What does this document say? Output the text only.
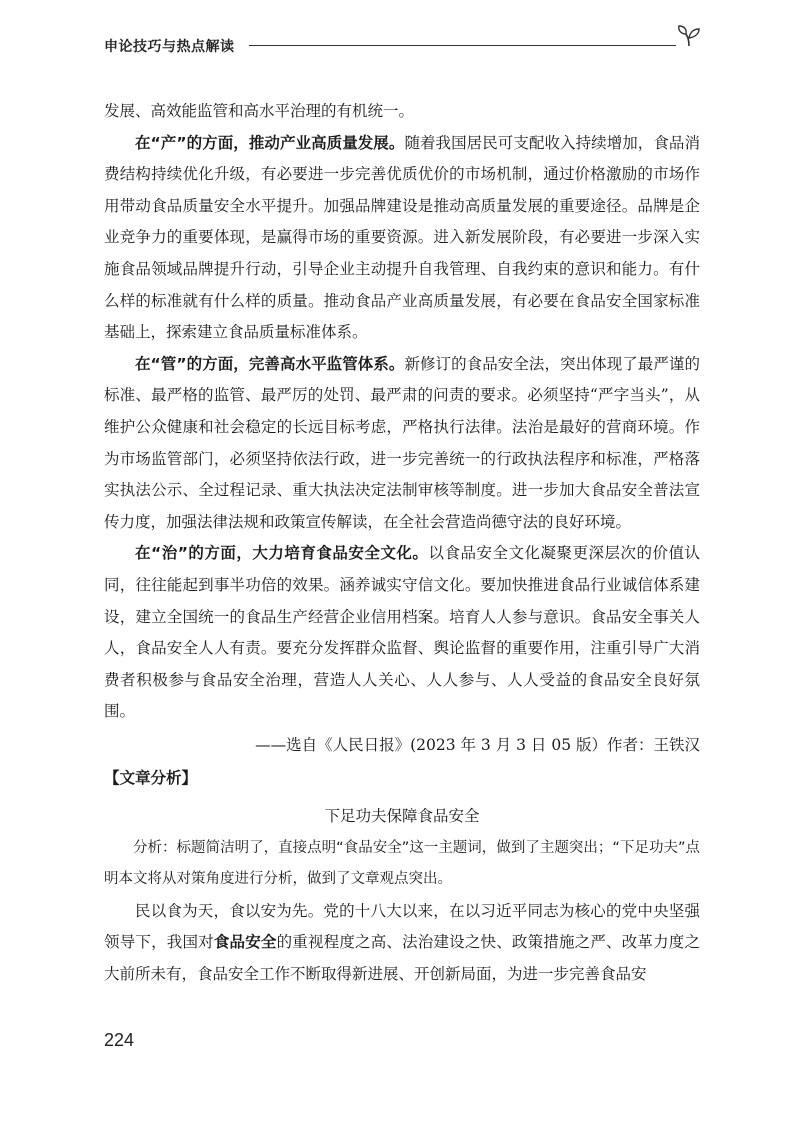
申论技巧与热点解读

发展、高效能监管和高水平治理的有机统一。

在“产”的方面，推动产业高质量发展。随着我国居民可支配收入持续增加，食品消费结构持续优化升级，有必要进一步完善优质优价的市场机制，通过价格激励的市场作用带动食品质量安全水平提升。加强品牌建设是推动高质量发展的重要途径。品牌是企业竞争力的重要体现，是赢得市场的重要资源。进入新发展阶段，有必要进一步深入实施食品领域品牌提升行动，引导企业主动提升自我管理、自我约束的意识和能力。有什么样的标准就有什么样的质量。推动食品产业高质量发展，有必要在食品安全国家标准基础上，探索建立食品质量标准体系。

在“管”的方面，完善高水平监管体系。新修订的食品安全法，突出体现了最严谨的标准、最严格的监管、最严厉的处罚、最严肃的问责的要求。必须坚持“严字当头”，从维护公众健康和社会稳定的长远目标考虑，严格执行法律。法治是最好的营商环境。作为市场监管部门，必须坚持依法行政，进一步完善统一的行政执法程序和标准，严格落实执法公示、全过程记录、重大执法决定法制审核等制度。进一步加大食品安全普法宣传力度，加强法律法规和政策宣传解读，在全社会营造尚德守法的良好环境。

在“治”的方面，大力培育食品安全文化。以食品安全文化凝聚更深层次的价值认同，往往能起到事半功倍的效果。涵养诚实守信文化。要加快推进食品行业诚信体系建设，建立全国统一的食品生产经营企业信用档案。培育人人参与意识。食品安全事关人人，食品安全人人有责。要充分发挥群众监督、舆论监督的重要作用，注重引导广大消费者积极参与食品安全治理，营造人人关心、人人参与、人人受益的食品安全良好氛围。

——选自《人民日报》(2023 年 3 月 3 日 05 版）作者：王铁汉

【文章分析】

下足功夫保障食品安全

分析：标题简洁明了，直接点明“食品安全”这一主题词，做到了主题突出；“下足功夫”点明本文将从对策角度进行分析，做到了文章观点突出。

民以食为天，食以安为先。党的十八大以来，在以习近平同志为核心的党中央坚强领导下，我国对食品安全的重视程度之高、法治建设之快、政策措施之严、改革力度之大前所未有，食品安全工作不断取得新进展、开创新局面，为进一步完善食品安

224
